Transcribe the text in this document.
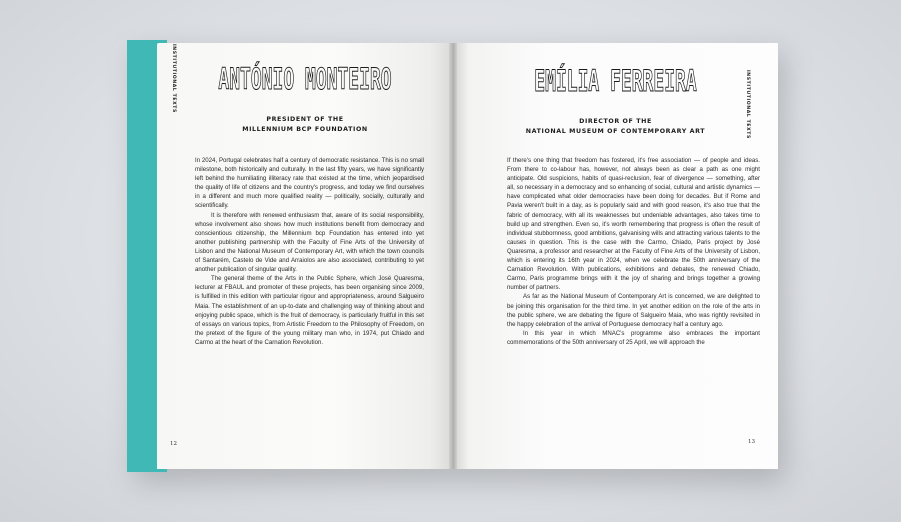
INSTITUTIONAL TEXTS	INSTITUTIONAL TEXTS
ANTÓNIO MONTEIRO	EMÍLIA FERREIRA
PRESIDENT OF THE
MILLENNIUM BCP FOUNDATION
DIRECTOR OF THE
NATIONAL MUSEUM OF CONTEMPORARY ART

In 2024, Portugal celebrates half a century of democratic resistance. This is no small milestone, both historically and culturally. In the last fifty years, we have significantly left behind the humiliating illiteracy rate that existed at the time, which jeopardised the quality of life of citizens and the country's progress, and today we find ourselves in a different and much more qualified reality — politically, socially, culturally and scientifically.

It is therefore with renewed enthusiasm that, aware of its social responsibility, whose involvement also shows how much institutions benefit from democracy and conscientious citizenship, the Millennium bcp Foundation has entered into yet another publishing partnership with the Faculty of Fine Arts of the University of Lisbon and the National Museum of Contemporary Art, with which the town councils of Santarém, Castelo de Vide and Arraiolos are also associated, contributing to yet another publication of singular quality.

The general theme of the Arts in the Public Sphere, which José Quaresma, lecturer at FBAUL and promoter of these projects, has been organising since 2009, is fulfilled in this edition with particular rigour and appropriateness, around Salgueiro Maia. The establishment of an up-to-date and challenging way of thinking about and enjoying public space, which is the fruit of democracy, is particularly fruitful in this set of essays on various topics, from Artistic Freedom to the Philosophy of Freedom, on the pretext of the figure of the young military man who, in 1974, put Chiado and Carmo at the heart of the Carnation Revolution.

If there's one thing that freedom has fostered, it's free association — of people and ideas. From there to co-labour has, however, not always been as clear a path as one might anticipate. Old suspicions, habits of quasi-reclusion, fear of divergence — something, after all, so necessary in a democracy and so enhancing of social, cultural and artistic dynamics — have complicated what older democracies have been doing for decades. But if Rome and Pavia weren't built in a day, as is popularly said and with good reason, it's also true that the fabric of democracy, with all its weaknesses but undeniable advantages, also takes time to build up and strengthen. Even so, it's worth remembering that progress is often the result of individual stubbornness, good ambitions, galvanising wills and attracting various talents to the causes in question. This is the case with the Carmo, Chiado, Paris project by José Quaresma, a professor and researcher at the Faculty of Fine Arts of the University of Lisbon, which is entering its 16th year in 2024, when we celebrate the 50th anniversary of the Carnation Revolution. With publications, exhibitions and debates, the renewed Chiado, Carmo, Paris programme brings with it the joy of sharing and brings together a growing number of partners.

As far as the National Museum of Contemporary Art is concerned, we are delighted to be joining this organisation for the third time. In yet another edition on the role of the arts in the public sphere, we are debating the figure of Salgueiro Maia, who was rightly revisited in the happy celebration of the arrival of Portuguese democracy half a century ago.

In this year in which MNAC's programme also embraces the important commemorations of the 50th anniversary of 25 April, we will approach the

12	13
